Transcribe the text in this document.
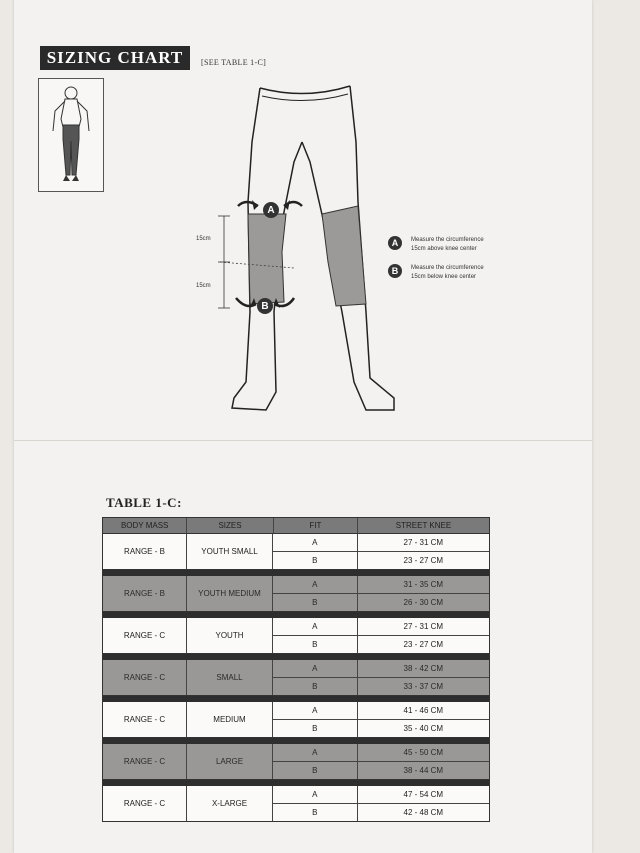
SIZING CHART	[SEE TABLE 1-C]
A
B
15cm
15cm
A	Measure the circumference
15cm above knee center
B	Measure the circumference
15cm below knee center
TABLE 1-C:
BODY MASS	SIZES	FIT	STREET KNEE
RANGE - B	YOUTH SMALL
A	27 - 31 CM
B	23 - 27 CM
RANGE - B	YOUTH MEDIUM
A	31 - 35 CM
B	26 - 30 CM
RANGE - C	YOUTH
A	27 - 31 CM
B	23 - 27 CM
RANGE - C	SMALL
A	38 - 42 CM
B	33 - 37 CM
RANGE - C	MEDIUM
A	41 - 46 CM
B	35 - 40 CM
RANGE - C	LARGE
A	45 - 50 CM
B	38 - 44 CM
RANGE - C	X-LARGE
A	47 - 54 CM
B	42 - 48 CM
